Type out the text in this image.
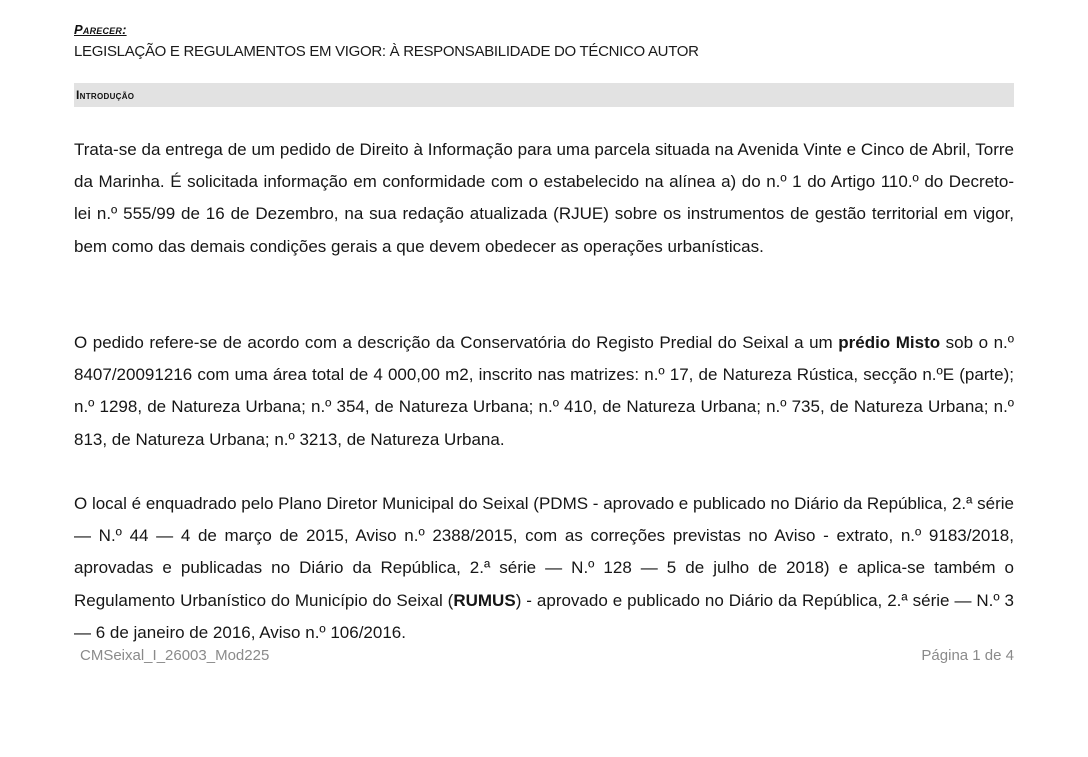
Parecer:
LEGISLAÇÃO E REGULAMENTOS EM VIGOR: À RESPONSABILIDADE DO TÉCNICO AUTOR
Introdução
Trata-se da entrega de um pedido de Direito à Informação para uma parcela situada na Avenida Vinte e Cinco de Abril, Torre da Marinha. É solicitada informação em conformidade com o estabelecido na alínea a) do n.º 1 do Artigo 110.º do Decreto-lei n.º 555/99 de 16 de Dezembro, na sua redação atualizada (RJUE) sobre os instrumentos de gestão territorial em vigor, bem como das demais condições gerais a que devem obedecer as operações urbanísticas.
O pedido refere-se de acordo com a descrição da Conservatória do Registo Predial do Seixal a um prédio Misto sob o n.º 8407/20091216 com uma área total de 4 000,00 m2, inscrito nas matrizes: n.º 17, de Natureza Rústica, secção n.ºE (parte); n.º 1298, de Natureza Urbana; n.º 354, de Natureza Urbana; n.º 410, de Natureza Urbana; n.º 735, de Natureza Urbana; n.º 813, de Natureza Urbana; n.º 3213, de Natureza Urbana.
O local é enquadrado pelo Plano Diretor Municipal do Seixal (PDMS - aprovado e publicado no Diário da República, 2.ª série — N.º 44 — 4 de março de 2015, Aviso n.º 2388/2015, com as correções previstas no Aviso - extrato, n.º 9183/2018, aprovadas e publicadas no Diário da República, 2.ª série — N.º 128 — 5 de julho de 2018) e aplica-se também o Regulamento Urbanístico do Município do Seixal (RUMUS) - aprovado e publicado no Diário da República, 2.ª série — N.º 3 — 6 de janeiro de 2016, Aviso n.º 106/2016.
CMSeixal_I_26003_Mod225	Página 1 de 4
